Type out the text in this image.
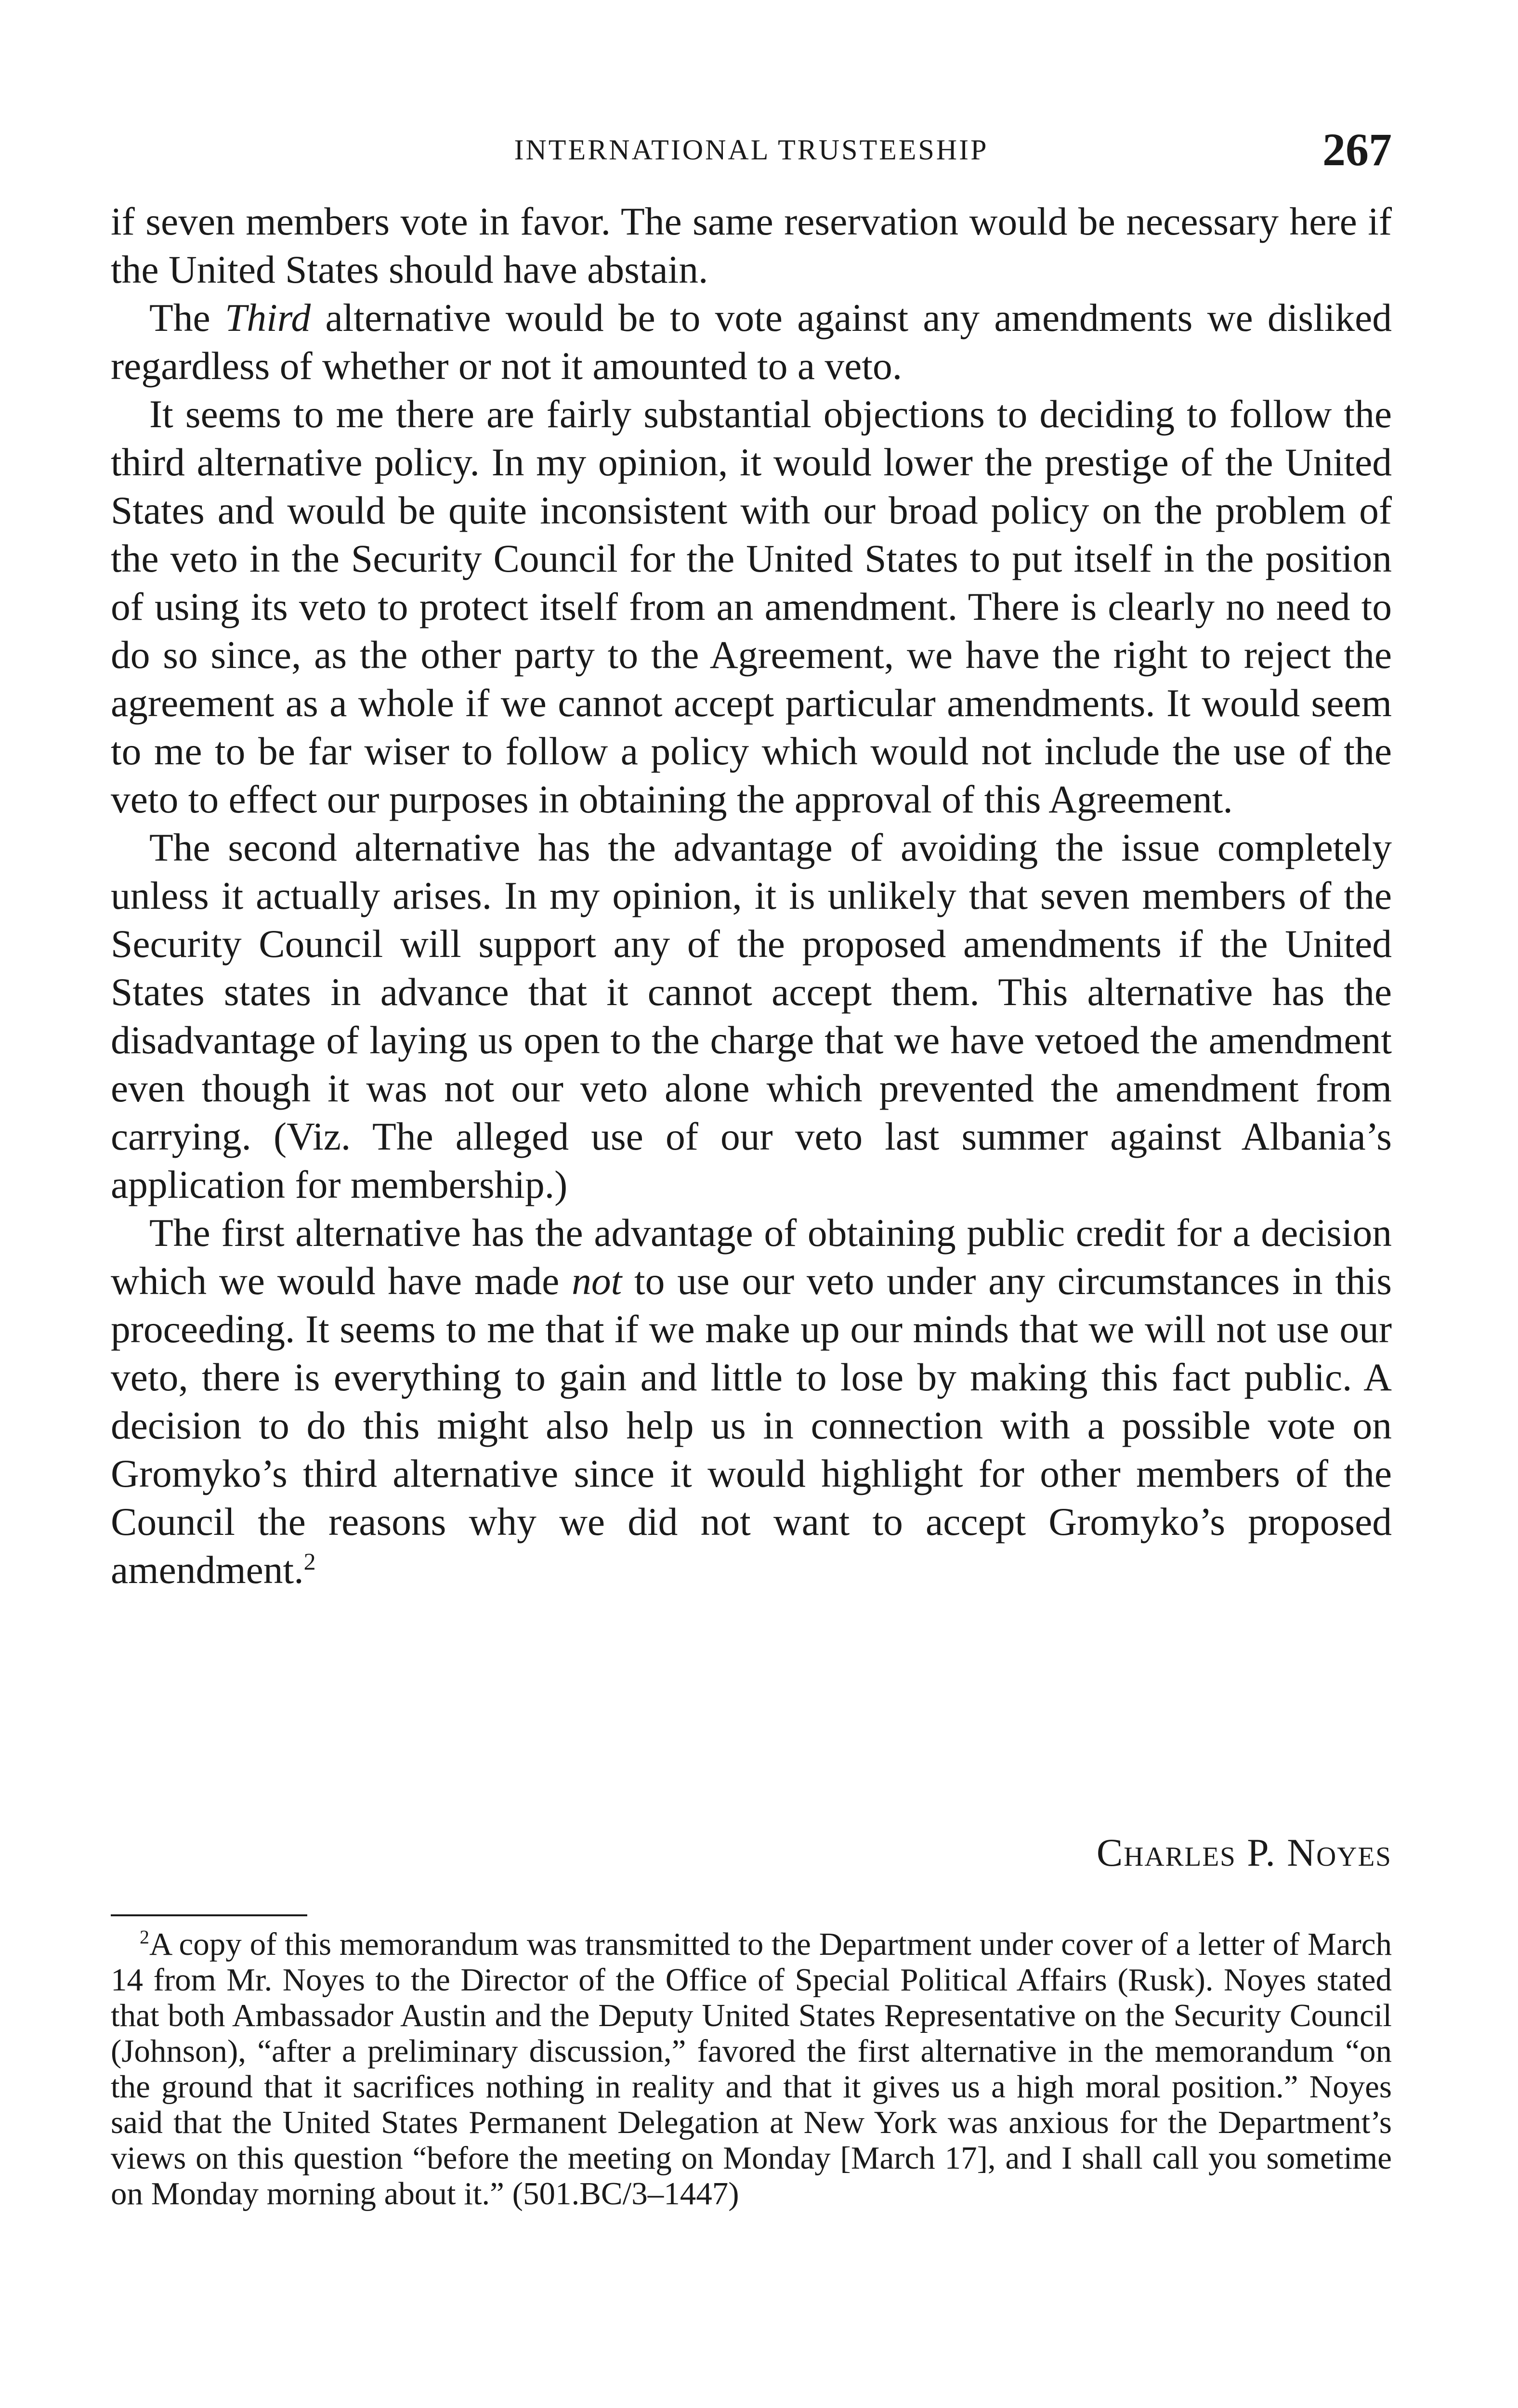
INTERNATIONAL TRUSTEESHIP	267

if seven members vote in favor. The same reservation would be necessary here if the United States should have abstain.

The Third alternative would be to vote against any amendments we disliked regardless of whether or not it amounted to a veto.

It seems to me there are fairly substantial objections to deciding to follow the third alternative policy. In my opinion, it would lower the prestige of the United States and would be quite inconsistent with our broad policy on the problem of the veto in the Security Council for the United States to put itself in the position of using its veto to protect itself from an amendment. There is clearly no need to do so since, as the other party to the Agreement, we have the right to reject the agreement as a whole if we cannot accept particular amendments. It would seem to me to be far wiser to follow a policy which would not include the use of the veto to effect our purposes in obtaining the approval of this Agreement.

The second alternative has the advantage of avoiding the issue completely unless it actually arises. In my opinion, it is unlikely that seven members of the Security Council will support any of the proposed amendments if the United States states in advance that it cannot accept them. This alternative has the disadvantage of laying us open to the charge that we have vetoed the amendment even though it was not our veto alone which prevented the amendment from carrying. (Viz. The alleged use of our veto last summer against Albania’s application for membership.)

The first alternative has the advantage of obtaining public credit for a decision which we would have made not to use our veto under any circumstances in this proceeding. It seems to me that if we make up our minds that we will not use our veto, there is everything to gain and little to lose by making this fact public. A decision to do this might also help us in connection with a possible vote on Gromyko’s third alternative since it would highlight for other members of the Council the reasons why we did not want to accept Gromyko’s proposed amendment.$^2$

Charles P. Noyes
$^2$A copy of this memorandum was transmitted to the Department under cover of a letter of March 14 from Mr. Noyes to the Director of the Office of Special Political Affairs (Rusk). Noyes stated that both Ambassador Austin and the Deputy United States Representative on the Security Council (Johnson), “after a preliminary discussion,” favored the first alternative in the memorandum “on the ground that it sacrifices nothing in reality and that it gives us a high moral position.” Noyes said that the United States Permanent Delegation at New York was anxious for the Department’s views on this question “before the meeting on Monday [March 17], and I shall call you sometime on Monday morning about it.” (501.BC/3–1447)
